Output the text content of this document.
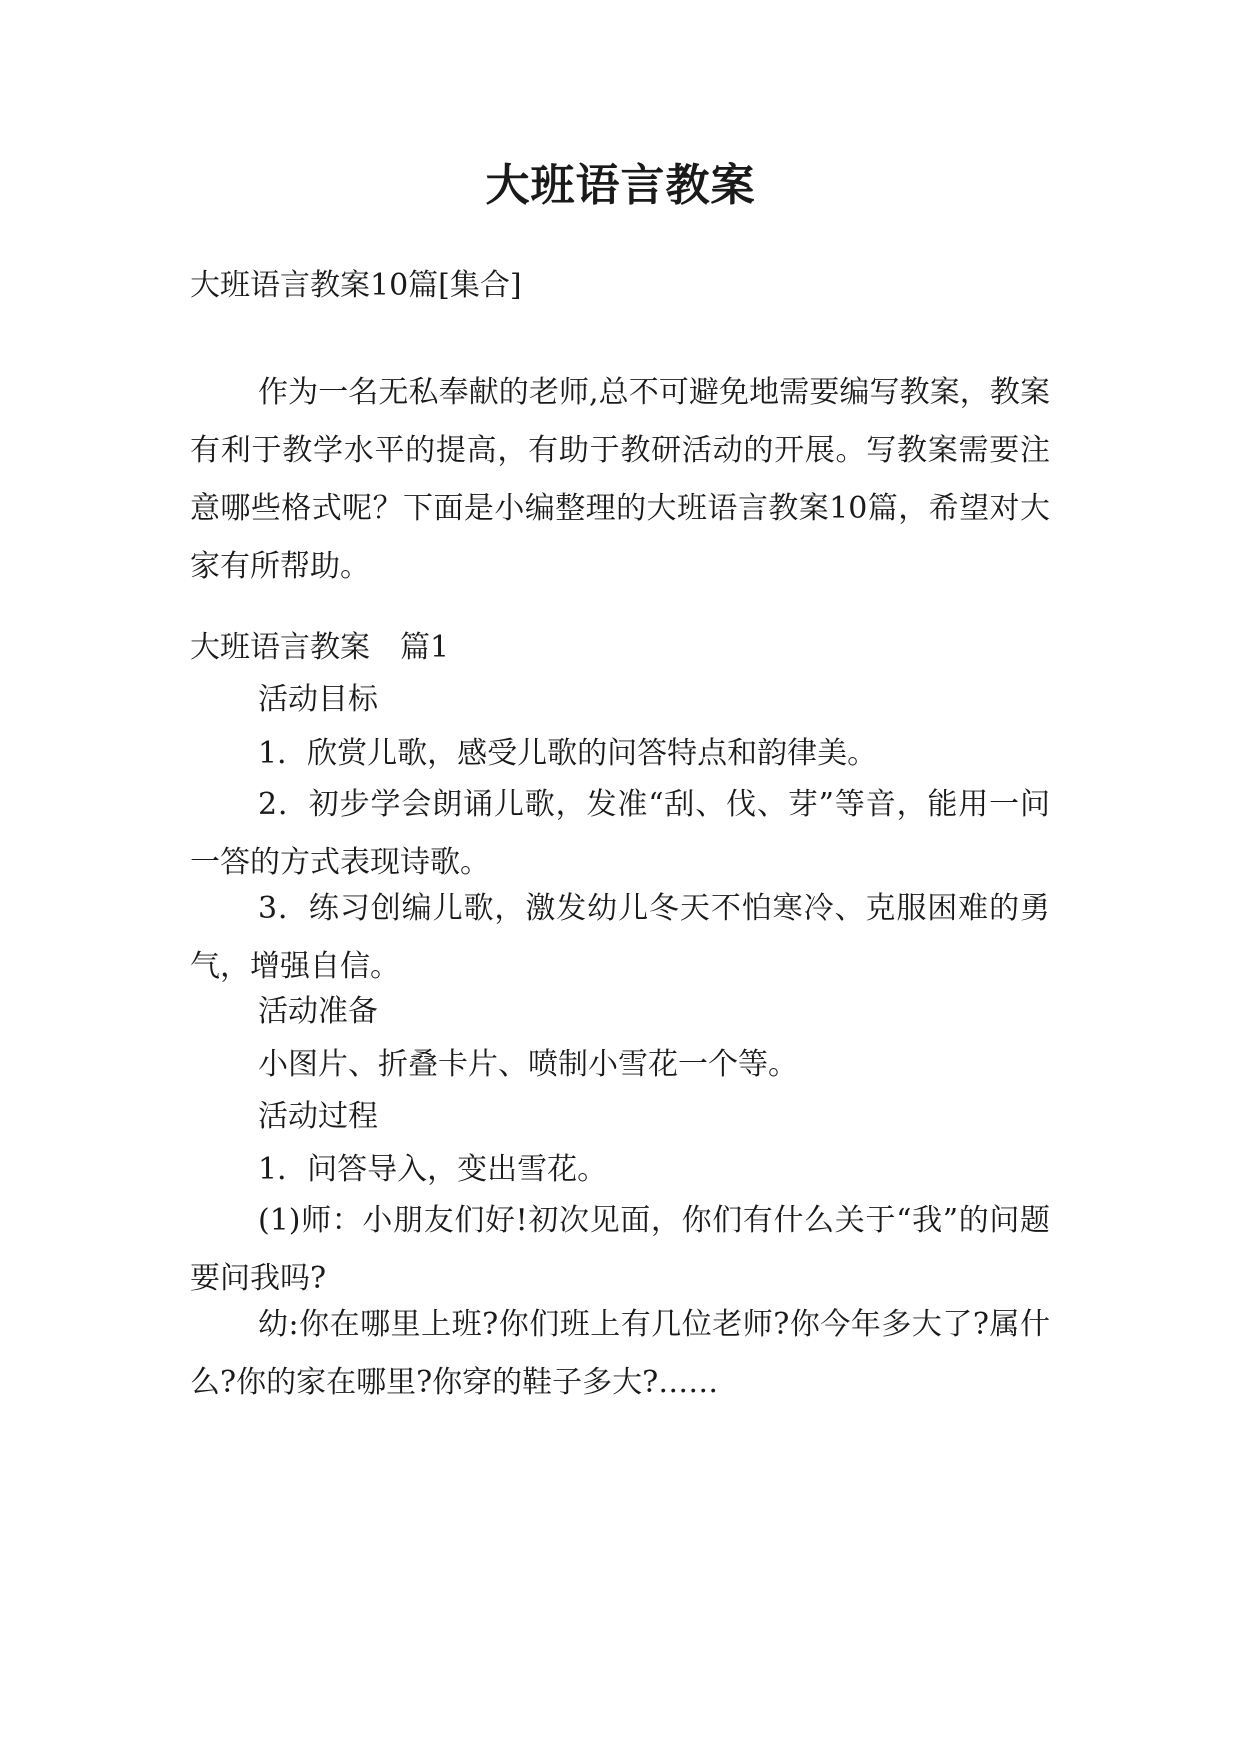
大班语言教案
大班语言教案10篇[集合]
作为一名无私奉献的老师,总不可避免地需要编写教案，教案有利于教学水平的提高，有助于教研活动的开展。写教案需要注意哪些格式呢？下面是小编整理的大班语言教案10篇，希望对大家有所帮助。
大班语言教案　篇1
活动目标
1．欣赏儿歌，感受儿歌的问答特点和韵律美。
2．初步学会朗诵儿歌，发准“刮、伐、芽”等音，能用一问一答的方式表现诗歌。
3．练习创编儿歌，激发幼儿冬天不怕寒冷、克服困难的勇气，增强自信。
活动准备
小图片、折叠卡片、喷制小雪花一个等。
活动过程
1．问答导入，变出雪花。
(1)师：小朋友们好!初次见面，你们有什么关于“我”的问题要问我吗?
幼:你在哪里上班?你们班上有几位老师?你今年多大了?属什么?你的家在哪里?你穿的鞋子多大?……
